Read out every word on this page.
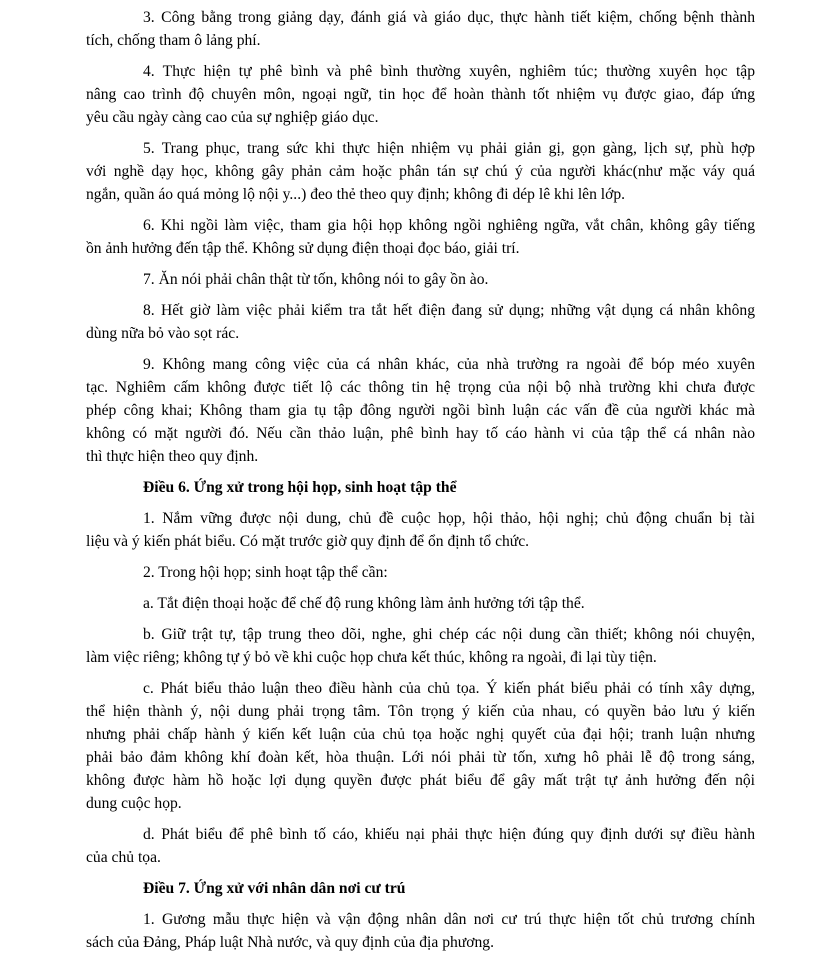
3. Công bằng trong giảng dạy, đánh giá và giáo dục, thực hành tiết kiệm, chống bệnh thành
tích, chống tham ô lảng phí.
4. Thực hiện tự phê bình và phê bình thường xuyên, nghiêm túc; thường xuyên học tập
nâng cao trình độ chuyên môn, ngoại ngữ, tin học để hoàn thành tốt nhiệm vụ được giao, đáp ứng
yêu cầu ngày càng cao của sự nghiệp giáo dục.
5. Trang phục, trang sức khi thực hiện nhiệm vụ phải giản gị, gọn gàng, lịch sự, phù hợp
với nghề dạy học, không gây phản cảm hoặc phân tán sự chú ý của người khác(như mặc váy quá
ngắn, quần áo quá mỏng lộ nội y...) đeo thẻ theo quy định; không đi dép lê khi lên lớp.
6. Khi ngồi làm việc, tham gia hội họp không ngồi nghiêng ngữa, vắt chân, không gây tiếng
ồn ảnh hưởng đến tập thể. Không sử dụng điện thoại đọc báo, giải trí.
7. Ăn nói phải chân thật từ tốn, không nói to gây ồn ào.
8. Hết giờ làm việc phải kiểm tra tắt hết điện đang sử dụng; những vật dụng cá nhân không
dùng nữa bỏ vào sọt rác.
9. Không mang công việc của cá nhân khác, của nhà trường ra ngoài để bóp méo xuyên
tạc. Nghiêm cấm không được tiết lộ các thông tin hệ trọng của nội bộ nhà trường khi chưa được
phép công khai; Không tham gia tụ tập đông người ngồi bình luận các vấn đề của người khác mà
không có mặt người đó. Nếu cần thảo luận, phê bình hay tố cáo hành vi của tập thể cá nhân nào
thì thực hiện theo quy định.
Điều 6. Ứng xử trong hội họp, sinh hoạt tập thể
1. Nắm vững được nội dung, chủ đề cuộc họp, hội thảo, hội nghị; chủ động chuẩn bị tài
liệu và ý kiến phát biểu. Có mặt trước giờ quy định để ổn định tổ chức.
2. Trong hội họp; sinh hoạt tập thể cần:
a. Tắt điện thoại hoặc để chế độ rung không làm ảnh hưởng tới tập thể.
b. Giữ trật tự, tập trung theo dõi, nghe, ghi chép các nội dung cần thiết; không nói chuyện,
làm việc riêng; không tự ý bỏ về khi cuộc họp chưa kết thúc, không ra ngoài, đi lại tùy tiện.
c. Phát biểu thảo luận theo điều hành của chủ tọa. Ý kiến phát biểu phải có tính xây dựng,
thể hiện thành ý, nội dung phải trọng tâm. Tôn trọng ý kiến của nhau, có quyền bảo lưu ý kiến
nhưng phải chấp hành ý kiến kết luận của chủ tọa hoặc nghị quyết của đại hội; tranh luận nhưng
phải bảo đảm không khí đoàn kết, hòa thuận. Lới nói phải từ tốn, xưng hô phải lễ độ trong sáng,
không được hàm hồ hoặc lợi dụng quyền được phát biểu để gây mất trật tự ảnh hưởng đến nội
dung cuộc họp.
d. Phát biểu để phê bình tố cáo, khiếu nại phải thực hiện đúng quy định dưới sự điều hành
của chủ tọa.
Điều 7. Ứng xử với nhân dân nơi cư trú
1. Gương mẫu thực hiện và vận động nhân dân nơi cư trú thực hiện tốt chủ trương chính
sách của Đảng, Pháp luật Nhà nước, và quy định của địa phương.
